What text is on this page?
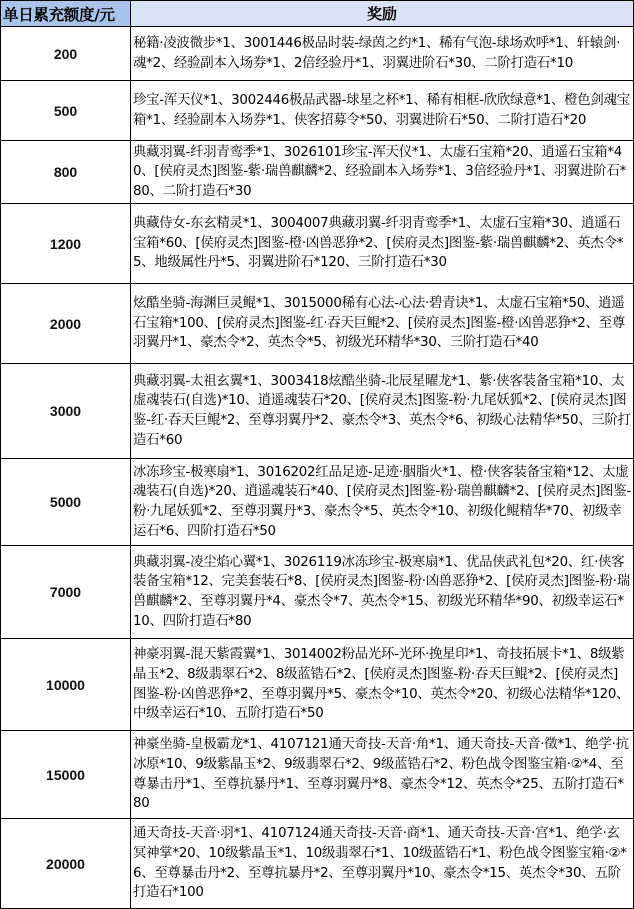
单日累充额度/元	奖励
200	秘籍·凌波微步*1、3001446极品时装-绿茵之约*1、稀有气泡-球场欢呼*1、轩辕剑·魂*2、经验副本入场券*1、2倍经验丹*1、羽翼进阶石*30、二阶打造石*10
500	珍宝-浑天仪*1、3002446极品武器-球星之杯*1、稀有相框-欣欣绿意*1、橙色剑魂宝箱*1、经验副本入场券*1、侠客招募令*50、羽翼进阶石*50、二阶打造石*20
800	典藏羽翼-纤羽青鸾季*1、3026101珍宝-浑天仪*1、太虚石宝箱*20、逍遥石宝箱*40、[侯府灵杰]图鉴-紫·瑞兽麒麟*2、经验副本入场券*1、3倍经验丹*1、羽翼进阶石*80、二阶打造石*30
1200	典藏侍女-东玄精灵*1、3004007典藏羽翼-纤羽青鸾季*1、太虚石宝箱*30、逍遥石宝箱*60、[侯府灵杰]图鉴-橙·凶兽恶狰*2、[侯府灵杰]图鉴-紫·瑞兽麒麟*2、英杰令*5、地级属性丹*5、羽翼进阶石*120、三阶打造石*30
2000	炫酷坐骑-海渊巨灵鲲*1、3015000稀有心法-心法·碧青诀*1、太虚石宝箱*50、逍遥石宝箱*100、[侯府灵杰]图鉴-红·吞天巨鲲*2、[侯府灵杰]图鉴-橙·凶兽恶狰*2、至尊羽翼丹*1、豪杰令*2、英杰令*5、初级光环精华*30、三阶打造石*40
3000	典藏羽翼-太祖玄翼*1、3003418炫酷坐骑-北辰星曜龙*1、紫·侠客装备宝箱*10、太虚魂装石(自选)*10、逍遥魂装石*20、[侯府灵杰]图鉴-粉·九尾妖狐*2、[侯府灵杰]图鉴-红·吞天巨鲲*2、至尊羽翼丹*2、豪杰令*3、英杰令*6、初级心法精华*50、三阶打造石*60
5000	冰冻珍宝-极寒扇*1、3016202红品足迹-足迹·胭脂火*1、橙·侠客装备宝箱*12、太虚魂装石(自选)*20、逍遥魂装石*40、[侯府灵杰]图鉴-粉·瑞兽麒麟*2、[侯府灵杰]图鉴-粉·九尾妖狐*2、至尊羽翼丹*3、豪杰令*5、英杰令*10、初级化鲲精华*70、初级幸运石*6、四阶打造石*50
7000	典藏羽翼-凌尘焰心翼*1、3026119冰冻珍宝-极寒扇*1、优品侠武礼包*20、红·侠客装备宝箱*12、完美套装石*8、[侯府灵杰]图鉴-粉·凶兽恶狰*2、[侯府灵杰]图鉴-粉·瑞兽麒麟*2、至尊羽翼丹*4、豪杰令*7、英杰令*15、初级光环精华*90、初级幸运石*10、四阶打造石*80
10000	神豪羽翼-混天紫霞翼*1、3014002粉品光环-光环·挽星印*1、奇技拓展卡*1、8级紫晶玉*2、8级翡翠石*2、8级蓝锆石*2、[侯府灵杰]图鉴-粉·吞天巨鲲*2、[侯府灵杰]图鉴-粉·凶兽恶狰*2、至尊羽翼丹*5、豪杰令*10、英杰令*20、初级心法精华*120、中级幸运石*10、五阶打造石*50
15000	神豪坐骑-皇极霸龙*1、4107121通天奇技-天音·角*1、通天奇技-天音·徵*1、绝学·抗冰原*10、9级紫晶玉*2、9级翡翠石*2、9级蓝锆石*2、粉色战令图鉴宝箱·②*4、至尊暴击丹*1、至尊抗暴丹*1、至尊羽翼丹*8、豪杰令*12、英杰令*25、五阶打造石*80
20000	通天奇技-天音·羽*1、4107124通天奇技-天音·商*1、通天奇技-天音·宫*1、绝学·玄冥神掌*20、10级紫晶玉*1、10级翡翠石*1、10级蓝锆石*1、粉色战令图鉴宝箱·②*6、至尊暴击丹*2、至尊抗暴丹*2、至尊羽翼丹*10、豪杰令*15、英杰令*30、五阶打造石*100
